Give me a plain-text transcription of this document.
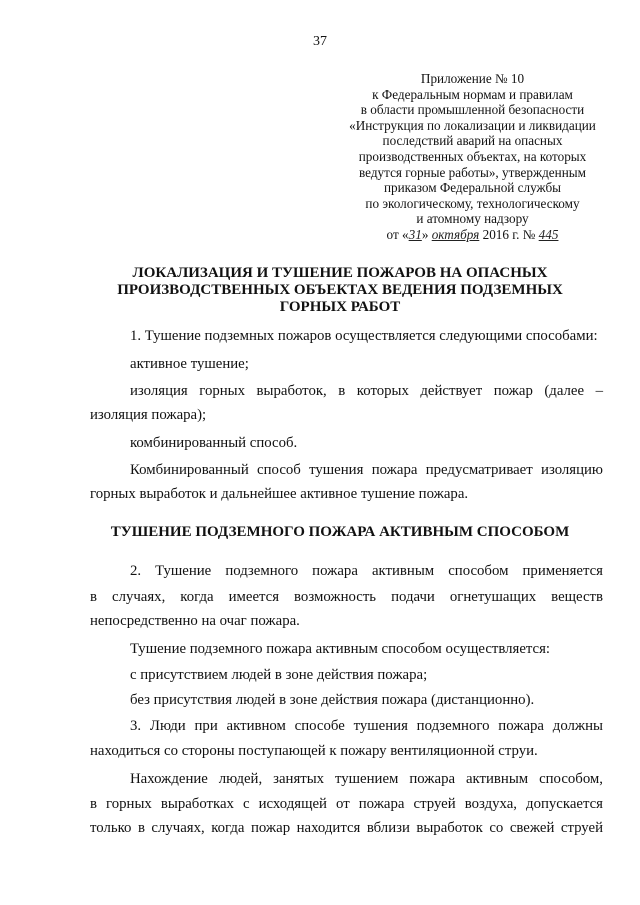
37
Приложение № 10
к Федеральным нормам и правилам
в области промышленной безопасности
«Инструкция по локализации и ликвидации
последствий аварий на опасных
производственных объектах, на которых
ведутся горные работы», утвержденным
приказом Федеральной службы
по экологическому, технологическому
и атомному надзору
от «31» октября 2016 г. № 445
ЛОКАЛИЗАЦИЯ И ТУШЕНИЕ ПОЖАРОВ НА ОПАСНЫХ
ПРОИЗВОДСТВЕННЫХ ОБЪЕКТАХ ВЕДЕНИЯ ПОДЗЕМНЫХ
ГОРНЫХ РАБОТ
1. Тушение подземных пожаров осуществляется следующими способами:
активное тушение;
изоляция горных выработок, в которых действует пожар (далее –
изоляция пожара);
комбинированный способ.
Комбинированный способ тушения пожара предусматривает изоляцию
горных выработок и дальнейшее активное тушение пожара.
ТУШЕНИЕ ПОДЗЕМНОГО ПОЖАРА АКТИВНЫМ СПОСОБОМ
2. Тушение подземного пожара активным способом применяется
в случаях, когда имеется возможность подачи огнетушащих веществ
непосредственно на очаг пожара.
Тушение подземного пожара активным способом осуществляется:
с присутствием людей в зоне действия пожара;
без присутствия людей в зоне действия пожара (дистанционно).
3. Люди при активном способе тушения подземного пожара должны
находиться со стороны поступающей к пожару вентиляционной струи.
Нахождение людей, занятых тушением пожара активным способом,
в горных выработках с исходящей от пожара струей воздуха, допускается
только в случаях, когда пожар находится вблизи выработок со свежей струей
